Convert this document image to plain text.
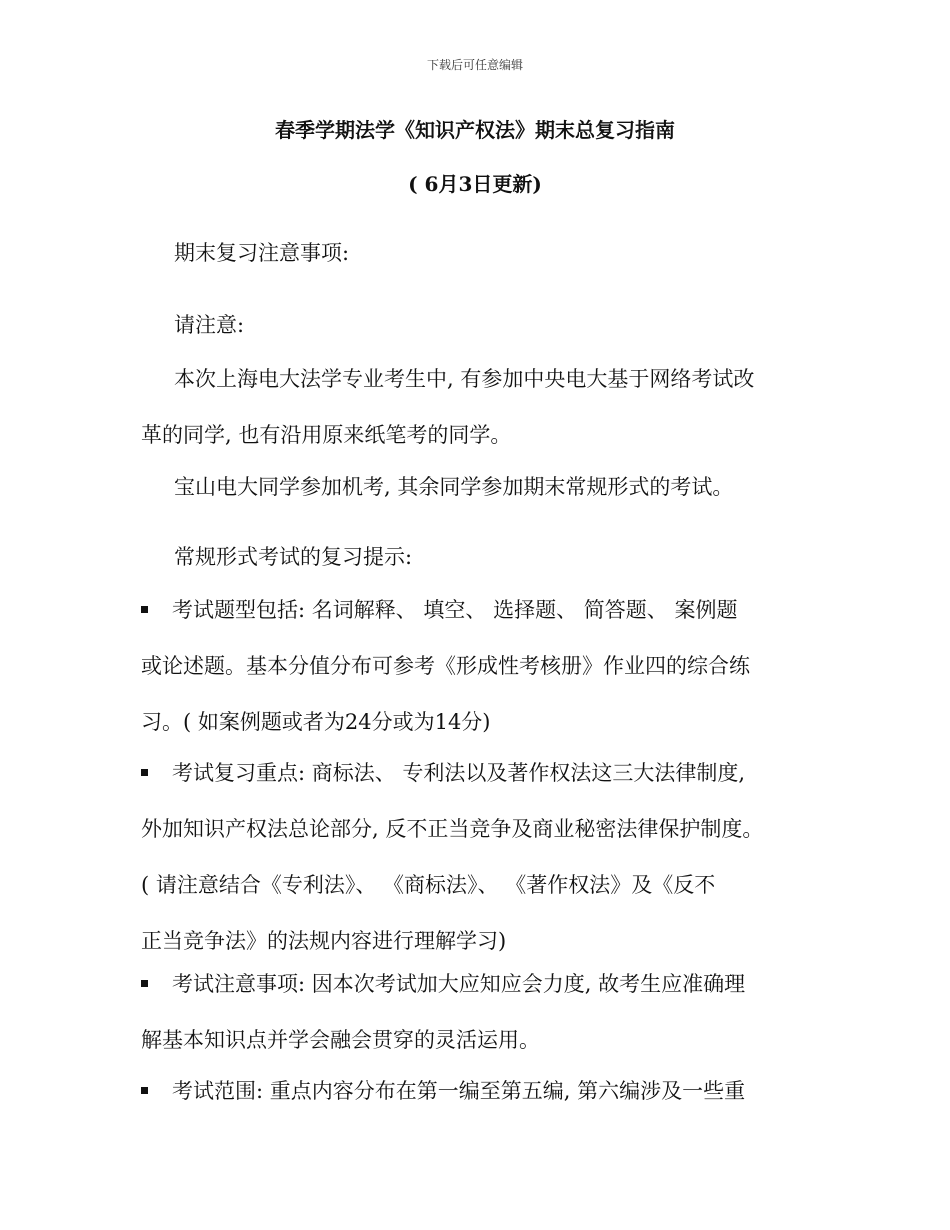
下载后可任意编辑
春季学期法学《知识产权法》期末总复习指南
( 6月3日更新)
期末复习注意事项:
请注意:
本次上海电大法学专业考生中, 有参加中央电大基于网络考试改
革的同学, 也有沿用原来纸笔考的同学。
宝山电大同学参加机考, 其余同学参加期末常规形式的考试。
常规形式考试的复习提示:
考试题型包括: 名词解释、 填空、 选择题、 简答题、 案例题
或论述题。基本分值分布可参考《形成性考核册》作业四的综合练
习。( 如案例题或者为24分或为14分)
考试复习重点: 商标法、 专利法以及著作权法这三大法律制度,
外加知识产权法总论部分, 反不正当竞争及商业秘密法律保护制度。
( 请注意结合《专利法》、 《商标法》、 《著作权法》及《反不
正当竞争法》的法规内容进行理解学习)
考试注意事项: 因本次考试加大应知应会力度, 故考生应准确理
解基本知识点并学会融会贯穿的灵活运用。
考试范围: 重点内容分布在第一编至第五编, 第六编涉及一些重
